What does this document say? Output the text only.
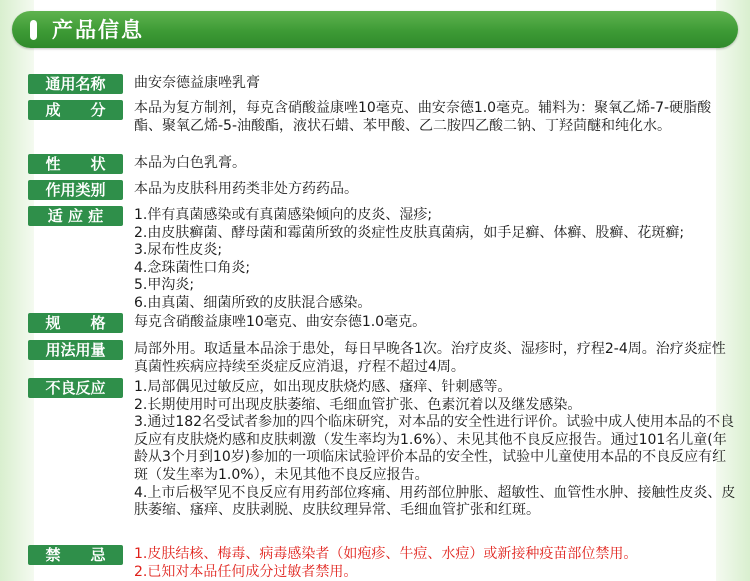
产品信息
通用名称	曲安奈德益康唑乳膏

成　　分	本品为复方制剂，每克含硝酸益康唑10毫克、曲安奈德1.0毫克。辅料为：聚氧乙烯-7-硬脂酸酯、聚氧乙烯-5-油酸酯，液状石蜡、苯甲酸、乙二胺四乙酸二钠、丁羟茴醚和纯化水。

性　　状	本品为白色乳膏。

作用类别	本品为皮肤科用药类非处方药药品。

适 应 症	1.伴有真菌感染或有真菌感染倾向的皮炎、湿疹;

2.由皮肤癣菌、酵母菌和霉菌所致的炎症性皮肤真菌病，如手足癣、体癣、股癣、花斑癣;

3.尿布性皮炎;

4.念珠菌性口角炎;

5.甲沟炎;

6.由真菌、细菌所致的皮肤混合感染。

规　　格	每克含硝酸益康唑10毫克、曲安奈德1.0毫克。

用法用量	局部外用。取适量本品涂于患处，每日早晚各1次。治疗皮炎、湿疹时，疗程2-4周。治疗炎症性真菌性疾病应持续至炎症反应消退，疗程不超过4周。

不良反应	1.局部偶见过敏反应，如出现皮肤烧灼感、瘙痒、针刺感等。

2.长期使用时可出现皮肤萎缩、毛细血管扩张、色素沉着以及继发感染。

3.通过182名受试者参加的四个临床研究，对本品的安全性进行评价。试验中成人使用本品的不良反应有皮肤烧灼感和皮肤刺激（发生率均为1.6%）、未见其他不良反应报告。通过101名儿童(年龄从3个月到10岁)参加的一项临床试验评价本品的安全性，试验中儿童使用本品的不良反应有红斑（发生率为1.0%），未见其他不良反应报告。

4.上市后极罕见不良反应有用药部位疼痛、用药部位肿胀、超敏性、血管性水肿、接触性皮炎、皮肤萎缩、瘙痒、皮肤剥脱、皮肤纹理异常、毛细血管扩张和红斑。

禁　　忌	1.皮肤结核、梅毒、病毒感染者（如疱疹、牛痘、水痘）或新接种疫苗部位禁用。

2.已知对本品任何成分过敏者禁用。
